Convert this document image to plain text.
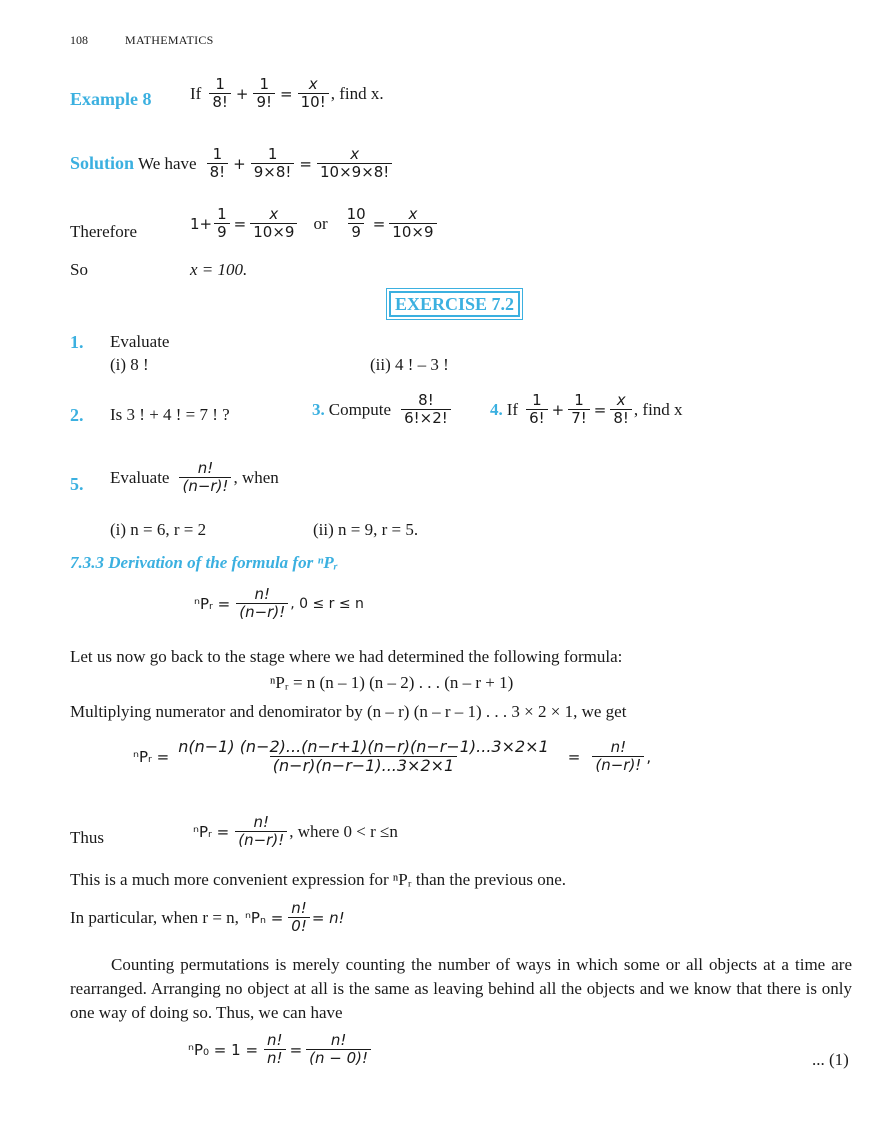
108	MATHEMATICS
Example 8 If $\frac{1}{8!} + \frac{1}{9!} = \frac{x}{10!}$ , find x.
Solution We have $\frac{1}{8!} + \frac{1}{9\times 8!} = \frac{x}{10\times 9\times 8!}$
Therefore	$1+ \frac{1}{9} = \frac{x}{10\times 9}$ or $\frac{10}{9} = \frac{x}{10\times 9}$
So	x = 100.
EXERCISE 7.2
1. Evaluate
(i) 8 !	(ii) 4 ! – 3 !
2. Is 3 ! + 4 ! = 7 ! ?	3. Compute $\frac{8!}{6!\times 2!} 4$. If $\frac{1}{6!} + \frac{1}{7!} = \frac{x}{8!}$ , find x
5. Evaluate $\frac{n!}{(n-r)!}$ , when
(i) n = 6, r = 2	(ii) n = 9, r = 5.
7.3.3 Derivation of the formula for ⁿPᵣ
ⁿPᵣ = $\frac{n!}{(n-r)!}$ , 0 ≤ r ≤ n
Let us now go back to the stage where we had determined the following formula:
ⁿPᵣ = n (n – 1) (n – 2) . . . (n – r + 1)
Multiplying numerator and denomirator by (n – r) (n – r – 1) . . . 3 × 2 × 1, we get
ⁿPᵣ = $\frac{n(n-1) (n-2)...(n-r+1)(n-r)(n-r-1)...3\times 2\times 1}{(n-r)(n-r-1)...3\times 2\times 1} = \frac{n!}{(n-r)!}$ ,
Thus	ⁿPᵣ = $\frac{n!}{(n-r)!}$ , where 0 < r ≤n
This is a much more convenient expression for ⁿPᵣ than the previous one.
In particular, when r = n, $^nP_n = \frac{n!}{0!} = n$!
Counting permutations is merely counting the number of ways in which some or all objects at a time are rearranged. Arranging no object at all is the same as leaving behind all the objects and we know that there is only one way of doing so. Thus, we can have
$^nP_0 = 1 = \frac{n!}{n!} = \frac{n!}{(n - 0)!}$	... (1)
